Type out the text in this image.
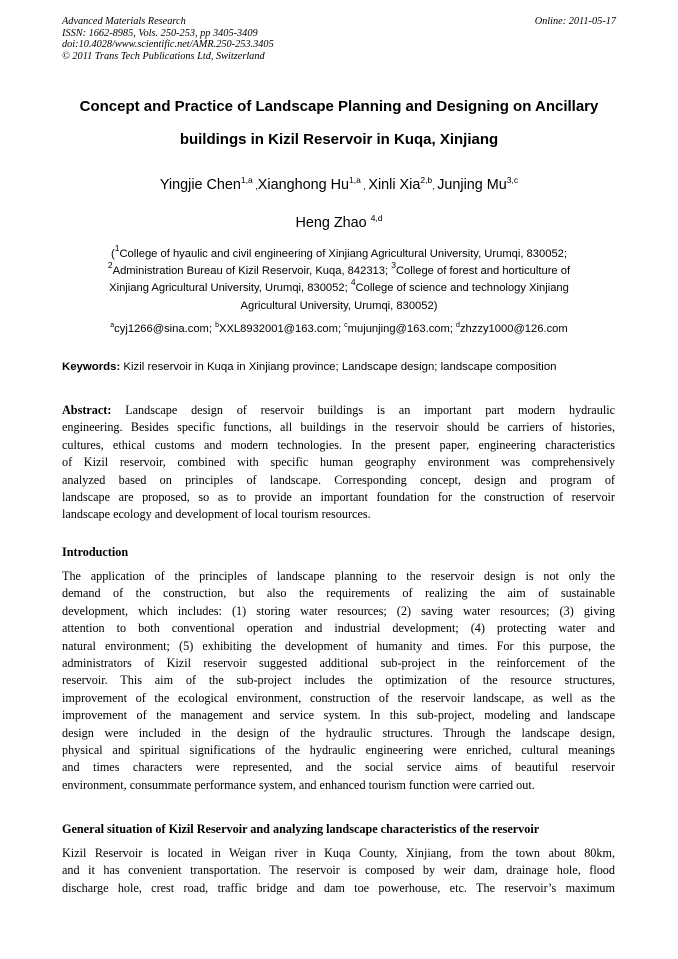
Advanced Materials Research
ISSN: 1662-8985, Vols. 250-253, pp 3405-3409
doi:10.4028/www.scientific.net/AMR.250-253.3405
© 2011 Trans Tech Publications Ltd, Switzerland
Online: 2011-05-17
Concept and Practice of Landscape Planning and Designing on Ancillary
buildings in Kizil Reservoir in Kuqa, Xinjiang
Yingjie Chen$^{1,a}$ ,Xianghong Hu$^{1,a}$ , Xinli Xia$^{2,b}$, Junjing Mu$^{3,c}$
Heng Zhao $^{4,d}$
($^1$College of hyaulic and civil engineering of Xinjiang Agricultural University, Urumqi, 830052;
$^2$Administration Bureau of Kizil Reservoir, Kuqa, 842313; $^3$College of forest and horticulture of
Xinjiang Agricultural University, Urumqi, 830052; $^4$College of science and technology Xinjiang
Agricultural University, Urumqi, 830052)
$^a$cyj1266@sina.com; $^b$XXL8932001@163.com; $^c$mujunjing@163.com; $^d$zhzzy1000@126.com
Keywords: Kizil reservoir in Kuqa in Xinjiang province; Landscape design; landscape composition
Abstract: Landscape design of reservoir buildings is an important part modern hydraulic
engineering. Besides specific functions, all buildings in the reservoir should be carriers of histories,
cultures, ethical customs and modern technologies. In the present paper, engineering characteristics
of Kizil reservoir, combined with specific human geography environment was comprehensively
analyzed based on principles of landscape. Corresponding concept, design and program of
landscape are proposed, so as to provide an important foundation for the construction of reservoir
landscape ecology and development of local tourism resources.
Introduction
The application of the principles of landscape planning to the reservoir design is not only the
demand of the construction, but also the requirements of realizing the aim of sustainable
development, which includes: (1) storing water resources; (2) saving water resources; (3) giving
attention to both conventional operation and industrial development; (4) protecting water and
natural environment; (5) exhibiting the development of humanity and times. For this purpose, the
administrators of Kizil reservoir suggested additional sub-project in the reinforcement of the
reservoir. This aim of the sub-project includes the optimization of the resource structures,
improvement of the ecological environment, construction of the reservoir landscape, as well as the
improvement of the management and service system. In this sub-project, modeling and landscape
design were included in the design of the hydraulic structures. Through the landscape design,
physical and spiritual significations of the hydraulic engineering were enriched, cultural meanings
and times characters were represented, and the social service aims of beautiful reservoir
environment, consummate performance system, and enhanced tourism function were carried out.
General situation of Kizil Reservoir and analyzing landscape characteristics of the reservoir
Kizil Reservoir is located in Weigan river in Kuqa County, Xinjiang, from the town about 80km,
and it has convenient transportation. The reservoir is composed by weir dam, drainage hole, flood
discharge hole, crest road, traffic bridge and dam toe powerhouse, etc. The reservoir’s maximum
